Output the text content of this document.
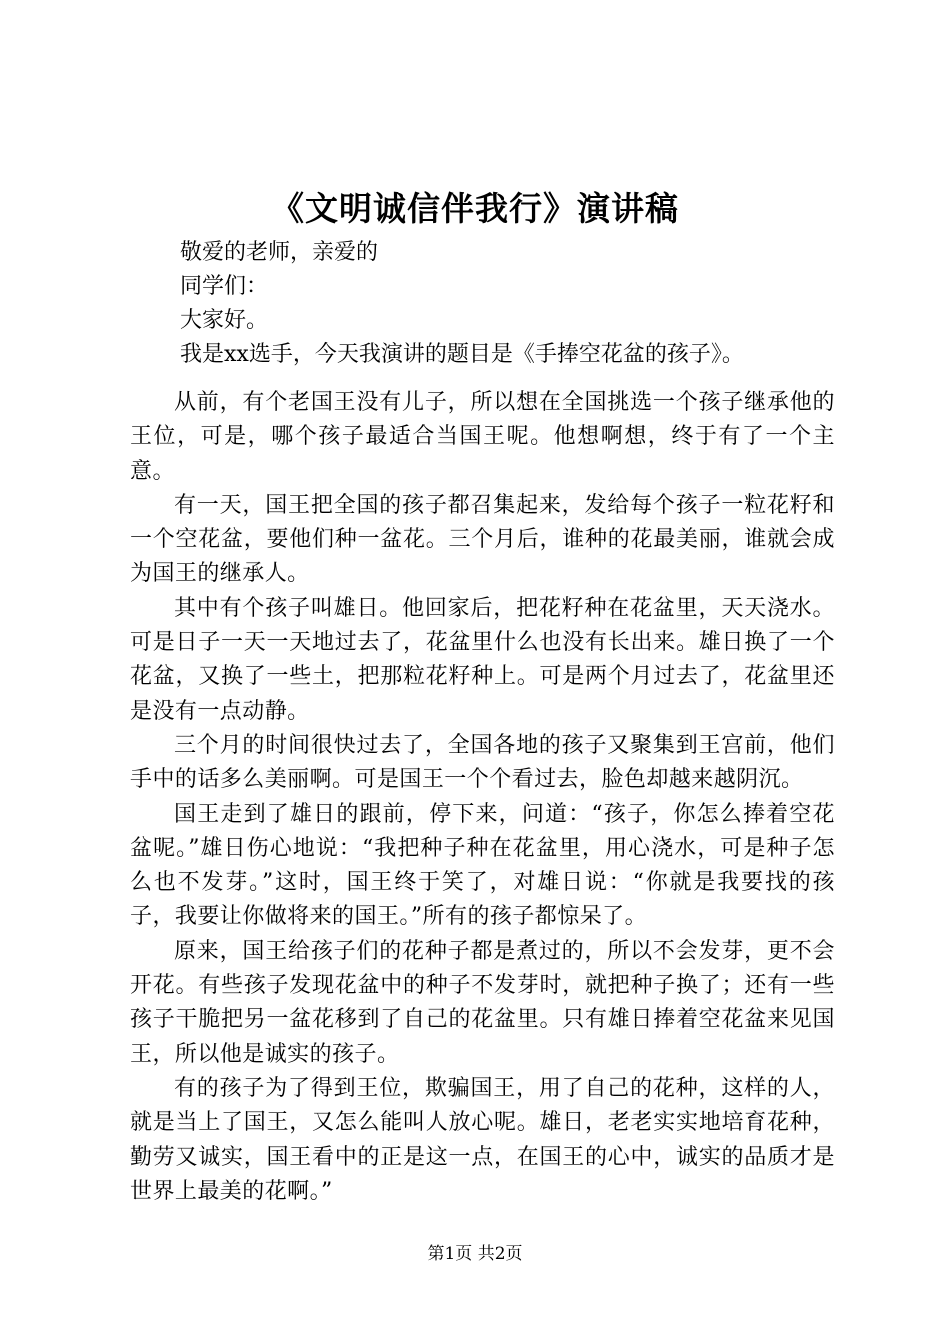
《文明诚信伴我行》演讲稿

敬爱的老师，亲爱的

同学们：

大家好。

我是xx选手，今天我演讲的题目是《手捧空花盆的孩子》。

从前，有个老国王没有儿子，所以想在全国挑选一个孩子继承他的王位，可是，哪个孩子最适合当国王呢。他想啊想，终于有了一个主意。

有一天，国王把全国的孩子都召集起来，发给每个孩子一粒花籽和一个空花盆，要他们种一盆花。三个月后，谁种的花最美丽，谁就会成为国王的继承人。

其中有个孩子叫雄日。他回家后，把花籽种在花盆里，天天浇水。可是日子一天一天地过去了，花盆里什么也没有长出来。雄日换了一个花盆，又换了一些土，把那粒花籽种上。可是两个月过去了，花盆里还是没有一点动静。

三个月的时间很快过去了，全国各地的孩子又聚集到王宫前，他们手中的话多么美丽啊。可是国王一个个看过去，脸色却越来越阴沉。

国王走到了雄日的跟前，停下来，问道：“孩子，你怎么捧着空花盆呢。”雄日伤心地说：“我把种子种在花盆里，用心浇水，可是种子怎么也不发芽。”这时，国王终于笑了，对雄日说：“你就是我要找的孩子，我要让你做将来的国王。”所有的孩子都惊呆了。

原来，国王给孩子们的花种子都是煮过的，所以不会发芽，更不会开花。有些孩子发现花盆中的种子不发芽时，就把种子换了；还有一些孩子干脆把另一盆花移到了自己的花盆里。只有雄日捧着空花盆来见国王，所以他是诚实的孩子。

有的孩子为了得到王位，欺骗国王，用了自己的花种，这样的人，就是当上了国王，又怎么能叫人放心呢。雄日，老老实实地培育花种，勤劳又诚实，国王看中的正是这一点，在国王的心中，诚实的品质才是世界上最美的花啊。”

第1页 共2页
